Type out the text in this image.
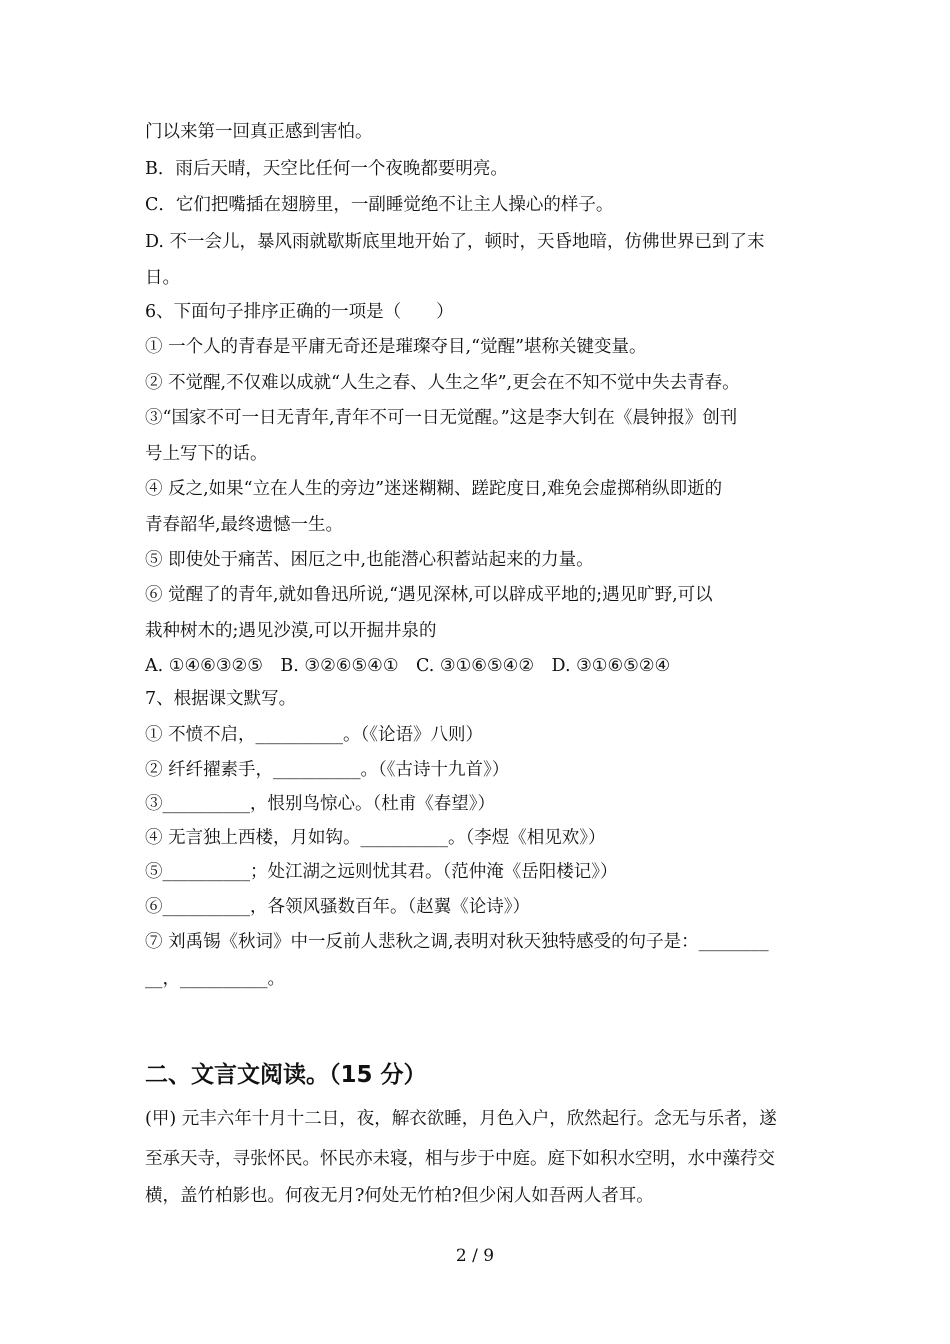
门以来第一回真正感到害怕。
B．雨后天晴，天空比任何一个夜晚都要明亮。
C．它们把嘴插在翅膀里，一副睡觉绝不让主人操心的样子。
D. 不一会儿，暴风雨就歇斯底里地开始了，顿时，天昏地暗，仿佛世界已到了末
日。
6、下面句子排序正确的一项是（　　）
① 一个人的青春是平庸无奇还是璀璨夺目,“觉醒”堪称关键变量。
② 不觉醒,不仅难以成就“人生之春、人生之华”,更会在不知不觉中失去青春。
③“国家不可一日无青年,青年不可一日无觉醒。”这是李大钊在《晨钟报》创刊
号上写下的话。
④ 反之,如果“立在人生的旁边”迷迷糊糊、蹉跎度日,难免会虚掷稍纵即逝的
青春韶华,最终遗憾一生。
⑤ 即使处于痛苦、困厄之中,也能潜心积蓄站起来的力量。
⑥ 觉醒了的青年,就如鲁迅所说,“遇见深林,可以辟成平地的;遇见旷野,可以
栽种树木的;遇见沙漠,可以开掘井泉的
A. ①④⑥③②⑤　B. ③②⑥⑤④①　C. ③①⑥⑤④②　D. ③①⑥⑤②④
7、根据课文默写。
① 不愤不启，__________。（《论语》八则）
② 纤纤擢素手，__________。（《古诗十九首》）
③__________，恨别鸟惊心。（杜甫《春望》）
④ 无言独上西楼，月如钩。__________。（李煜《相见欢》）
⑤__________；处江湖之远则忧其君。（范仲淹《岳阳楼记》）
⑥__________，各领风骚数百年。（赵翼《论诗》）
⑦ 刘禹锡《秋词》中一反前人悲秋之调,表明对秋天独特感受的句子是：________
__，__________。
二、文言文阅读。（15 分）
(甲) 元丰六年十月十二日，夜，解衣欲睡，月色入户，欣然起行。念无与乐者，遂
至承天寺，寻张怀民。怀民亦未寝，相与步于中庭。庭下如积水空明，水中藻荇交
横，盖竹柏影也。何夜无月?何处无竹柏?但少闲人如吾两人者耳。
2 / 9
